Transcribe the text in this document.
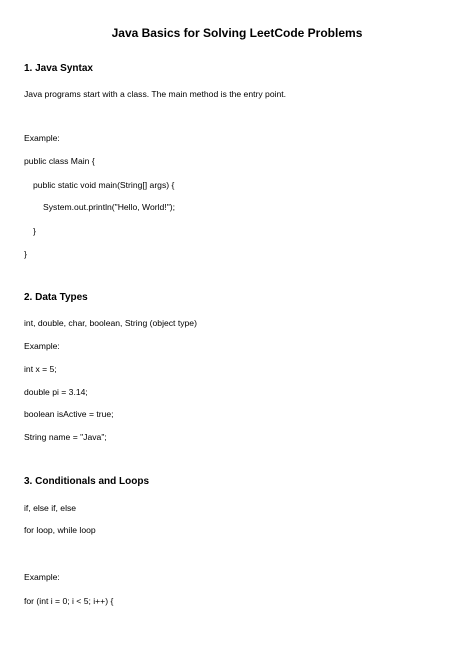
Java Basics for Solving LeetCode Problems
1. Java Syntax
Java programs start with a class. The main method is the entry point.
Example:
public class Main {
public static void main(String[] args) {
System.out.println("Hello, World!");
}
}
2. Data Types
int, double, char, boolean, String (object type)
Example:
int x = 5;
double pi = 3.14;
boolean isActive = true;
String name = "Java";
3. Conditionals and Loops
if, else if, else
for loop, while loop
Example:
for (int i = 0; i < 5; i++) {
